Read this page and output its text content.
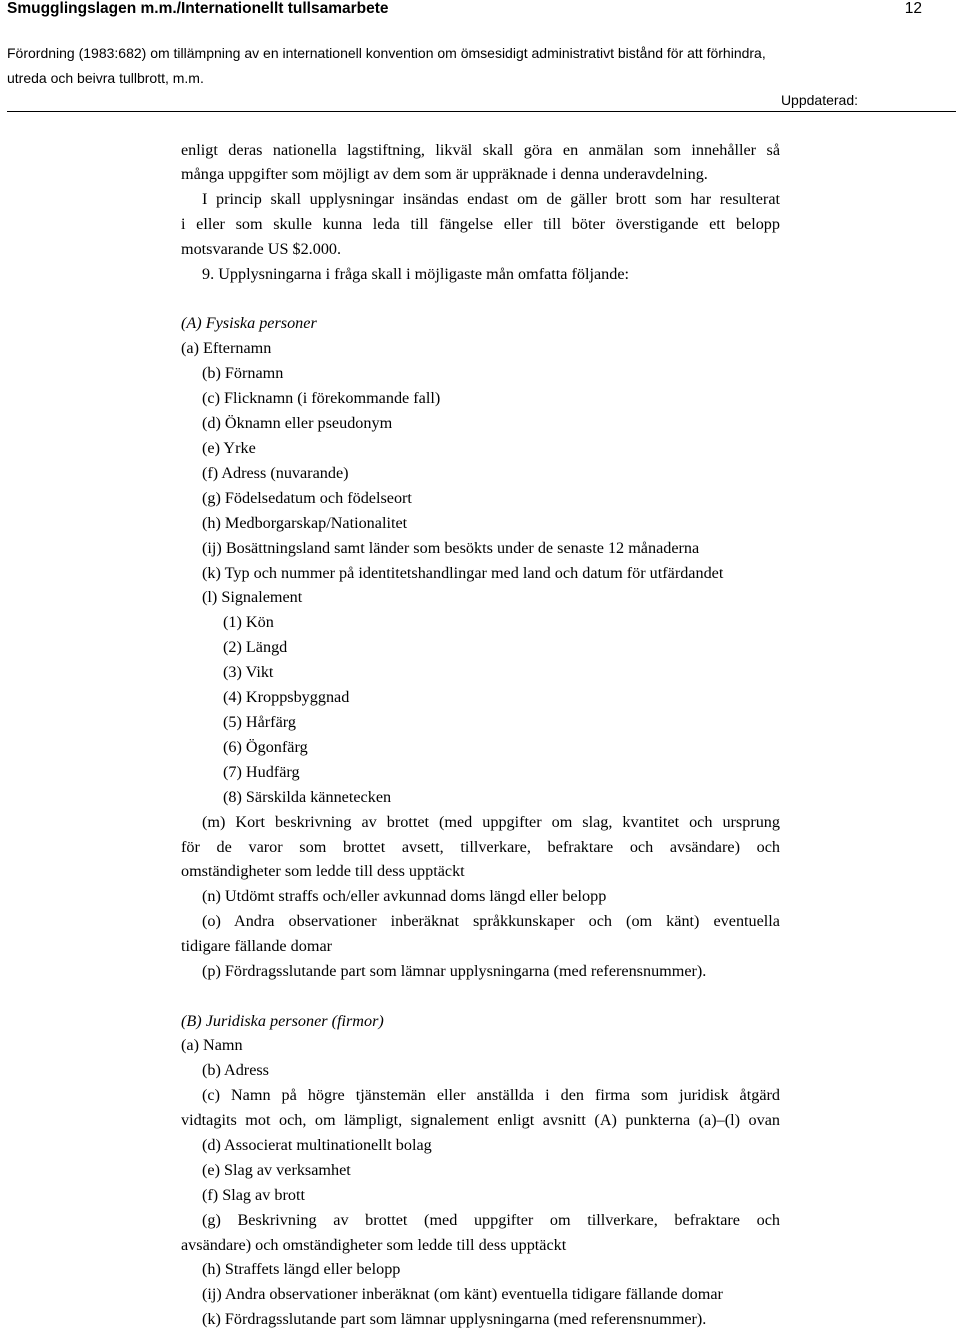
Smugglingslagen m.m./Internationellt tullsamarbete	12
Förordning (1983:682) om tillämpning av en internationell konvention om ömsesidigt administrativt bistånd för att förhindra,
utreda och beivra tullbrott, m.m.
Uppdaterad:
enligt deras nationella lagstiftning, likväl skall göra en anmälan som innehåller så
många uppgifter som möjligt av dem som är uppräknade i denna underavdelning.
I princip skall upplysningar insändas endast om de gäller brott som har resulterat
i eller som skulle kunna leda till fängelse eller till böter överstigande ett belopp
motsvarande US $2.000.
9. Upplysningarna i fråga skall i möjligaste mån omfatta följande:
(A) Fysiska personer
(a) Efternamn
(b) Förnamn
(c) Flicknamn (i förekommande fall)
(d) Öknamn eller pseudonym
(e) Yrke
(f) Adress (nuvarande)
(g) Födelsedatum och födelseort
(h) Medborgarskap/Nationalitet
(ij) Bosättningsland samt länder som besökts under de senaste 12 månaderna
(k) Typ och nummer på identitetshandlingar med land och datum för utfärdandet
(l) Signalement
(1) Kön
(2) Längd
(3) Vikt
(4) Kroppsbyggnad
(5) Hårfärg
(6) Ögonfärg
(7) Hudfärg
(8) Särskilda kännetecken
(m) Kort beskrivning av brottet (med uppgifter om slag, kvantitet och ursprung
för de varor som brottet avsett, tillverkare, befraktare och avsändare) och
omständigheter som ledde till dess upptäckt
(n) Utdömt straffs och/eller avkunnad doms längd eller belopp
(o) Andra observationer inberäknat språkkunskaper och (om känt) eventuella
tidigare fällande domar
(p) Fördragsslutande part som lämnar upplysningarna (med referensnummer).
(B) Juridiska personer (firmor)
(a) Namn
(b) Adress
(c) Namn på högre tjänstemän eller anställda i den firma som juridisk åtgärd
vidtagits mot och, om lämpligt, signalement enligt avsnitt (A) punkterna (a)–(l) ovan
(d) Associerat multinationellt bolag
(e) Slag av verksamhet
(f) Slag av brott
(g) Beskrivning av brottet (med uppgifter om tillverkare, befraktare och
avsändare) och omständigheter som ledde till dess upptäckt
(h) Straffets längd eller belopp
(ij) Andra observationer inberäknat (om känt) eventuella tidigare fällande domar
(k) Fördragsslutande part som lämnar upplysningarna (med referensnummer).
